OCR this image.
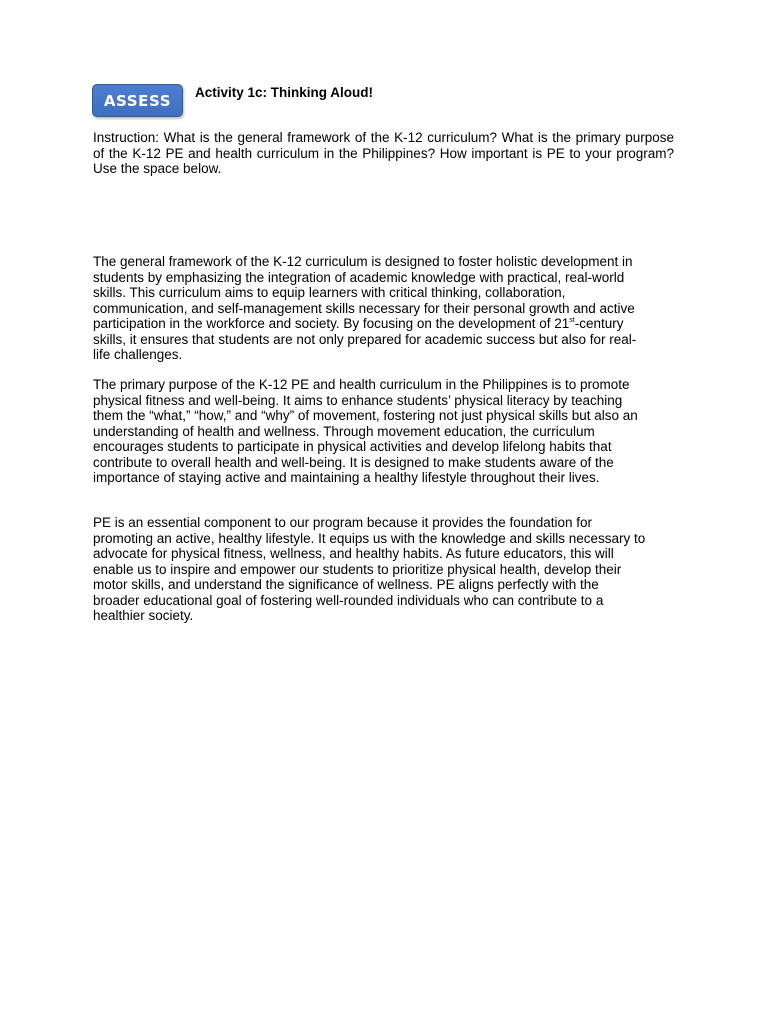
ASSESS	Activity 1c: Thinking Aloud!
Instruction: What is the general framework of the K-12 curriculum? What is the primary purpose of the K-12 PE and health curriculum in the Philippines? How important is PE to your program? Use the space below.

The general framework of the K-12 curriculum is designed to foster holistic development in
students by emphasizing the integration of academic knowledge with practical, real-world
skills. This curriculum aims to equip learners with critical thinking, collaboration,
communication, and self-management skills necessary for their personal growth and active
participation in the workforce and society. By focusing on the development of 21st-century
skills, it ensures that students are not only prepared for academic success but also for real-
life challenges.

The primary purpose of the K-12 PE and health curriculum in the Philippines is to promote
physical fitness and well-being. It aims to enhance students’ physical literacy by teaching
them the “what,” “how,” and “why” of movement, fostering not just physical skills but also an
understanding of health and wellness. Through movement education, the curriculum
encourages students to participate in physical activities and develop lifelong habits that
contribute to overall health and well-being. It is designed to make students aware of the
importance of staying active and maintaining a healthy lifestyle throughout their lives.

PE is an essential component to our program because it provides the foundation for
promoting an active, healthy lifestyle. It equips us with the knowledge and skills necessary to
advocate for physical fitness, wellness, and healthy habits. As future educators, this will
enable us to inspire and empower our students to prioritize physical health, develop their
motor skills, and understand the significance of wellness. PE aligns perfectly with the
broader educational goal of fostering well-rounded individuals who can contribute to a
healthier society.
